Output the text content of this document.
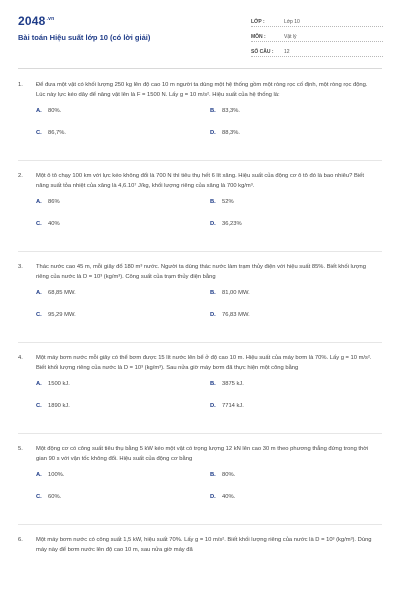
$2048^{.vn}$
Bài toán Hiệu suất lớp 10 (có lời giải)
LỚP :	Lớp 10
MÔN :	Vật lý
SỐ CÂU :	12
1.	Để đưa một vật có khối lượng 250 kg lên độ cao 10 m người ta dùng một hệ thống gồm một ròng rọc cố định, một ròng rọc động. Lúc này lực kéo dây để nâng vật lên là F = 1500 N. Lấy g = 10 m/s². Hiệu suất của hệ thống là:
A.	80%.	B.	83,3%.
C.	86,7%.	D.	88,3%.
2.	Một ô tô chạy 100 km với lực kéo không đổi là 700 N thì tiêu thụ hết 6 lít xăng. Hiệu suất của động cơ ô tô đó là bao nhiêu? Biết năng suất tỏa nhiệt của xăng là 4,6.10⁷ J/kg, khối lượng riêng của xăng là 700 kg/m³.
A.	86%	B.	52%
C.	40%	D.	36,23%
3.	Thác nước cao 45 m, mỗi giây đổ 180 m³ nước. Người ta dùng thác nước làm trạm thủy điện với hiệu suất 85%. Biết khối lượng riêng của nước là D = 10³ (kg/m³). Công suất của trạm thủy điện bằng
A.	68,85 MW.	B.	81,00 MW.
C.	95,29 MW.	D.	76,83 MW.
4.	Một máy bơm nước mỗi giây có thể bơm được 15 lít nước lên bể ở độ cao 10 m. Hiệu suất của máy bơm là 70%. Lấy g = 10 m/s². Biết khối lượng riêng của nước là D = 10³ (kg/m³). Sau nửa giờ máy bơm đã thực hiện một công bằng
A.	1500 kJ.	B.	3875 kJ.
C.	1890 kJ.	D.	7714 kJ.
5.	Một động cơ có công suất tiêu thụ bằng 5 kW kéo một vật có trọng lượng 12 kN lên cao 30 m theo phương thẳng đứng trong thời gian 90 s với vận tốc không đổi. Hiệu suất của động cơ bằng
A.	100%.	B.	80%.
C.	60%.	D.	40%.
6.	Một máy bơm nước có công suất 1,5 kW, hiệu suất 70%. Lấy g = 10 m/s². Biết khối lượng riêng của nước là D = 10³ (kg/m³). Dùng máy này để bơm nước lên độ cao 10 m, sau nửa giờ máy đã
